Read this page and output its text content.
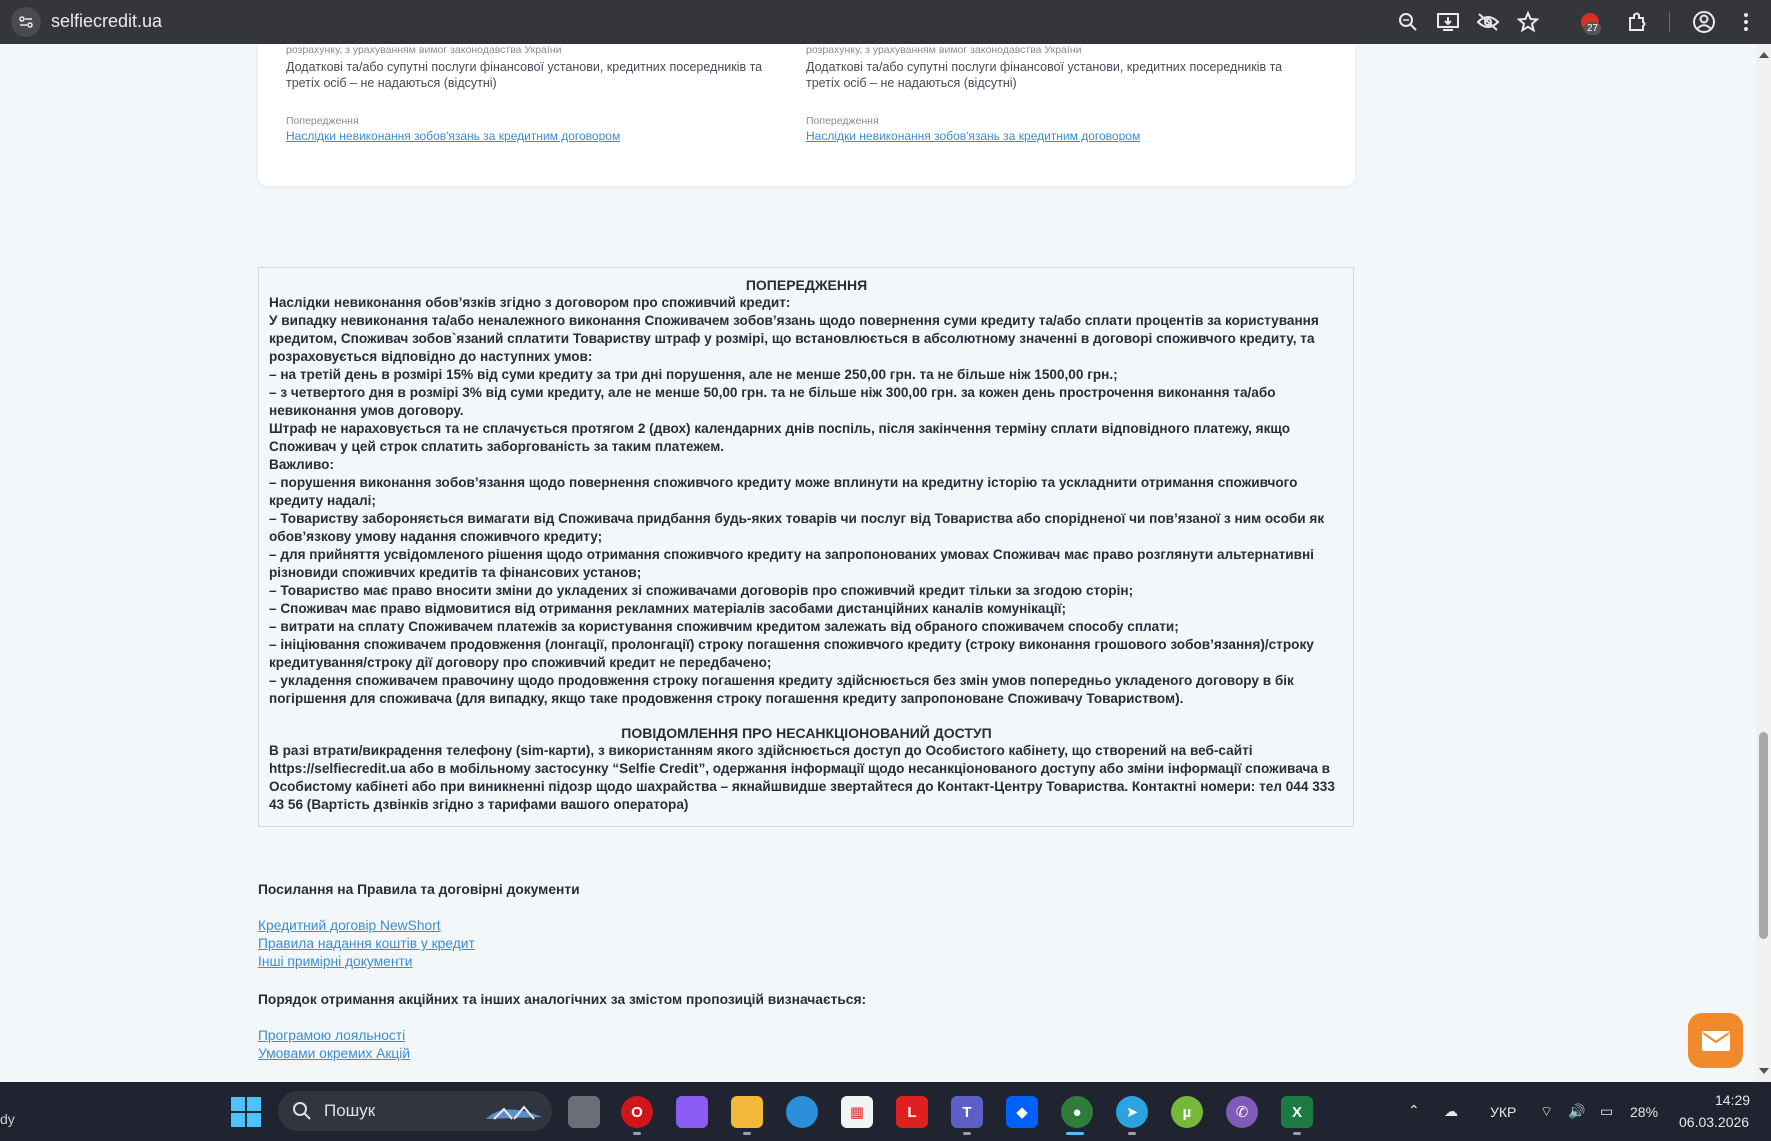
selfiecredit.ua	27
розрахунку, з урахуванням вимог законодавства України
Додаткові та/або супутні послуги фінансової установи, кредитних посередників та третіх осіб – не надаються (відсутні)
Попередження
Наслідки невиконання зобов'язань за кредитним договором
розрахунку, з урахуванням вимог законодавства України
Додаткові та/або супутні послуги фінансової установи, кредитних посередників та третіх осіб – не надаються (відсутні)
Попередження
Наслідки невиконання зобов'язань за кредитним договором
ПОПЕРЕДЖЕННЯ

Наслідки невиконання обов’язків згідно з договором про споживчий кредит:

У випадку невиконання та/або неналежного виконання Споживачем зобов’язань щодо повернення суми кредиту та/або сплати процентів за користування кредитом, Споживач зобов`язаний сплатити Товариству штраф у розмірі, що встановлюється в абсолютному значенні в договорі споживчого кредиту, та розраховується відповідно до наступних умов:

– на третій день в розмірі 15% від суми кредиту за три дні порушення, але не менше 250,00 грн. та не більше ніж 1500,00 грн.;

– з четвертого дня в розмірі 3% від суми кредиту, але не менше 50,00 грн. та не більше ніж 300,00 грн. за кожен день прострочення виконання та/або невиконання умов договору.

Штраф не нараховується та не сплачується протягом 2 (двох) календарних днів поспіль, після закінчення терміну сплати відповідного платежу, якщо Споживач у цей строк сплатить заборгованість за таким платежем.

Важливо:

– порушення виконання зобов’язання щодо повернення споживчого кредиту може вплинути на кредитну історію та ускладнити отримання споживчого кредиту надалі;

– Товариству забороняється вимагати від Споживача придбання будь-яких товарів чи послуг від Товариства або спорідненої чи пов’язаної з ним особи як обов’язкову умову надання споживчого кредиту;

– для прийняття усвідомленого рішення щодо отримання споживчого кредиту на запропонованих умовах Споживач має право розглянути альтернативні різновиди споживчих кредитів та фінансових установ;

– Товариство має право вносити зміни до укладених зі споживачами договорів про споживчий кредит тільки за згодою сторін;

– Споживач має право відмовитися від отримання рекламних матеріалів засобами дистанційних каналів комунікації;

– витрати на сплату Споживачем платежів за користування споживчим кредитом залежать від обраного споживачем способу сплати;

– ініціювання споживачем продовження (лонгації, пролонгації) строку погашення споживчого кредиту (строку виконання грошового зобов’язання)/строку кредитування/строку дії договору про споживчий кредит не передбачено;

– укладення споживачем правочину щодо продовження строку погашення кредиту здійснюється без змін умов попередньо укладеного договору в бік погіршення для споживача (для випадку, якщо таке продовження строку погашення кредиту запропоноване Споживачу Товариством).

ПОВІДОМЛЕННЯ ПРО НЕСАНКЦІОНОВАНИЙ ДОСТУП

В разі втрати/викрадення телефону (sim-карти), з використанням якого здійснюється доступ до Особистого кабінету, що створений на веб-сайті https://selfiecredit.ua або в мобільному застосунку “Selfie Credit”, одержання інформації щодо несанкціонованого доступу або зміни інформації споживача в Особистому кабінеті або при виникненні підозр щодо шахрайства – якнайшвидше звертайтеся до Контакт-Центру Товариства. Контактні номери: тел 044 333 43 56 (Вартість дзвінків згідно з тарифами вашого оператора)

Посилання на Правила та договірні документи
Кредитний договір NewShort
Правила надання коштів у кредит
Інші примірні документи
Порядок отримання акційних та інших аналогічних за змістом пропозицій визначається:
Програмою лояльності
Умовами окремих Акцій
dy	Пошук	O	▦	L	T	◆	●	➤	µ	✆	X	⌃ ☁ УКР ⌔ 🔊 ▭ 28%
14:29
06.03.2026
